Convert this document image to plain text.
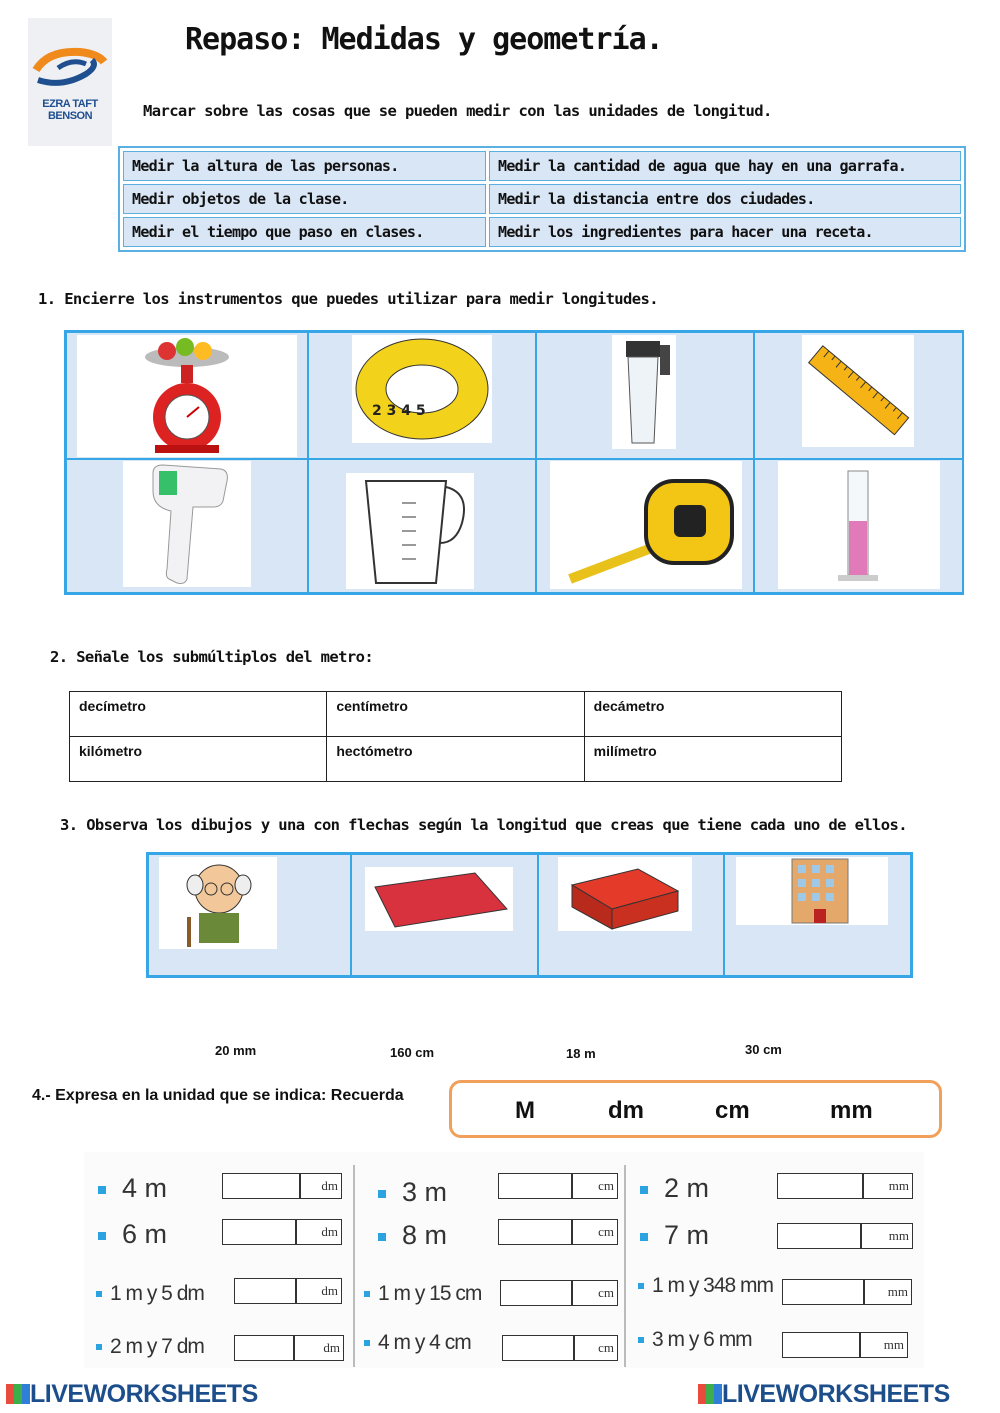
EZRA TAFT BENSON
Repaso: Medidas y geometría.
Marcar sobre las cosas que se pueden medir con las unidades de longitud.
Medir la altura de las personas.	Medir la cantidad de agua que hay en una garrafa.
Medir objetos de la clase.	Medir la distancia entre dos ciudades.
Medir el tiempo que paso en clases.	Medir los ingredientes para hacer una receta.
1. Encierre los instrumentos que puedes utilizar para medir longitudes.
2 3 4 5
2. Señale los submúltiplos del metro:
decímetro	centímetro	decámetro
kilómetro	hectómetro	milímetro
3. Observa los dibujos y una con flechas según la longitud que creas que tiene cada uno de ellos.
20 mm	160 cm	18 m	30 cm
4.- Expresa en la unidad que se indica: Recuerda
M	dm	cm	mm
4 m	dm
6 m	dm
1 m y 5 dm	dm
2 m y 7 dm	dm
3 m	cm
8 m	cm
1 m y 15 cm	cm
4 m y 4 cm	cm
2 m	mm
7 m	mm
1 m y 348 mm	mm
3 m y 6 mm	mm
LIVEWORKSHEETS	LIVEWORKSHEETS
